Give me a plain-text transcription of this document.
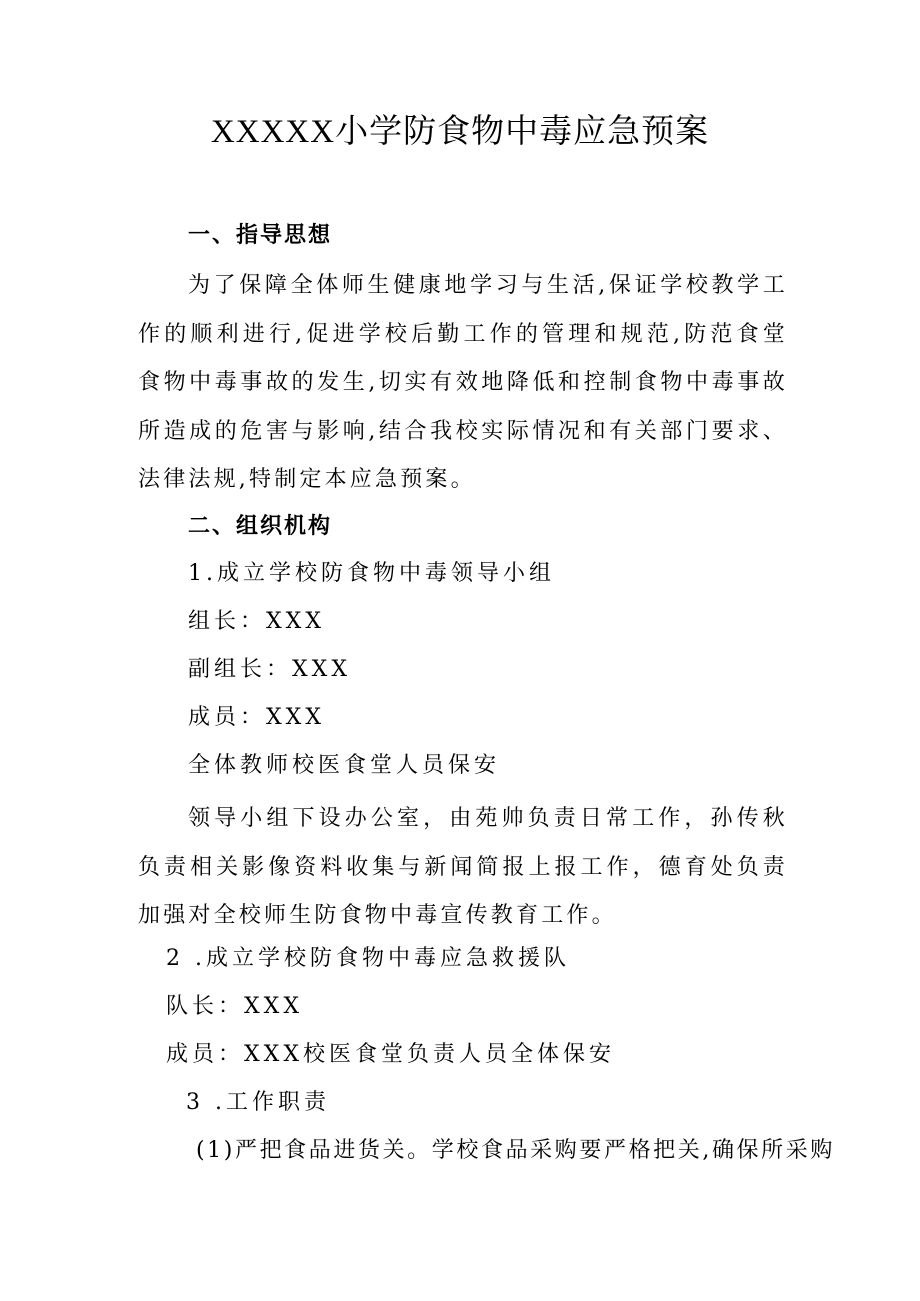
XXXXX小学防食物中毒应急预案
一、指导思想
为了保障全体师生健康地学习与生活,保证学校教学工作的顺利进行,促进学校后勤工作的管理和规范,防范食堂食物中毒事故的发生,切实有效地降低和控制食物中毒事故所造成的危害与影响,结合我校实际情况和有关部门要求、法律法规,特制定本应急预案。
二、组织机构
1.成立学校防食物中毒领导小组
组长：XXX
副组长：XXX
成员：XXX
全体教师校医食堂人员保安
领导小组下设办公室，由苑帅负责日常工作，孙传秋负责相关影像资料收集与新闻简报上报工作，德育处负责加强对全校师生防食物中毒宣传教育工作。
2 .成立学校防食物中毒应急救援队
队长：XXX
成员：XXX校医食堂负责人员全体保安
3 .工作职责
(1)严把食品进货关。学校食品采购要严格把关,确保所采购
